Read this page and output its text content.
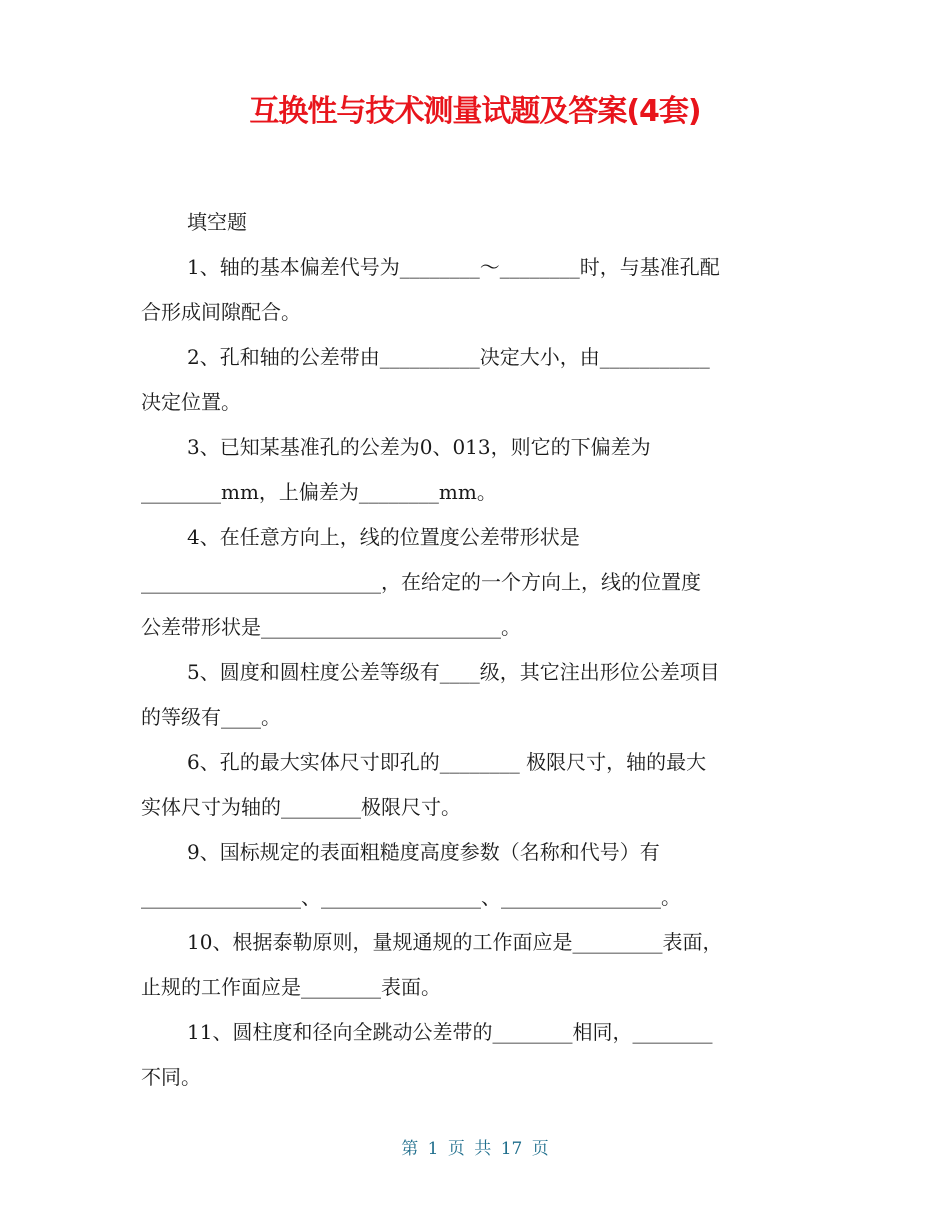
互换性与技术测量试题及答案(4套)

填空题

1、轴的基本偏差代号为________～________时，与基准孔配

合形成间隙配合。

2、孔和轴的公差带由__________决定大小，由___________

决定位置。

3、已知某基准孔的公差为0、013，则它的下偏差为

________mm，上偏差为________mm。

4、在任意方向上，线的位置度公差带形状是

________________________，在给定的一个方向上，线的位置度

公差带形状是________________________。

5、圆度和圆柱度公差等级有____级，其它注出形位公差项目

的等级有____。

6、孔的最大实体尺寸即孔的________ 极限尺寸，轴的最大

实体尺寸为轴的________极限尺寸。

9、国标规定的表面粗糙度高度参数（名称和代号）有

________________、________________、________________。

10、根据泰勒原则，量规通规的工作面应是_________表面，

止规的工作面应是________表面。

11、圆柱度和径向全跳动公差带的________相同，________

不同。

第 1 页 共 17 页
